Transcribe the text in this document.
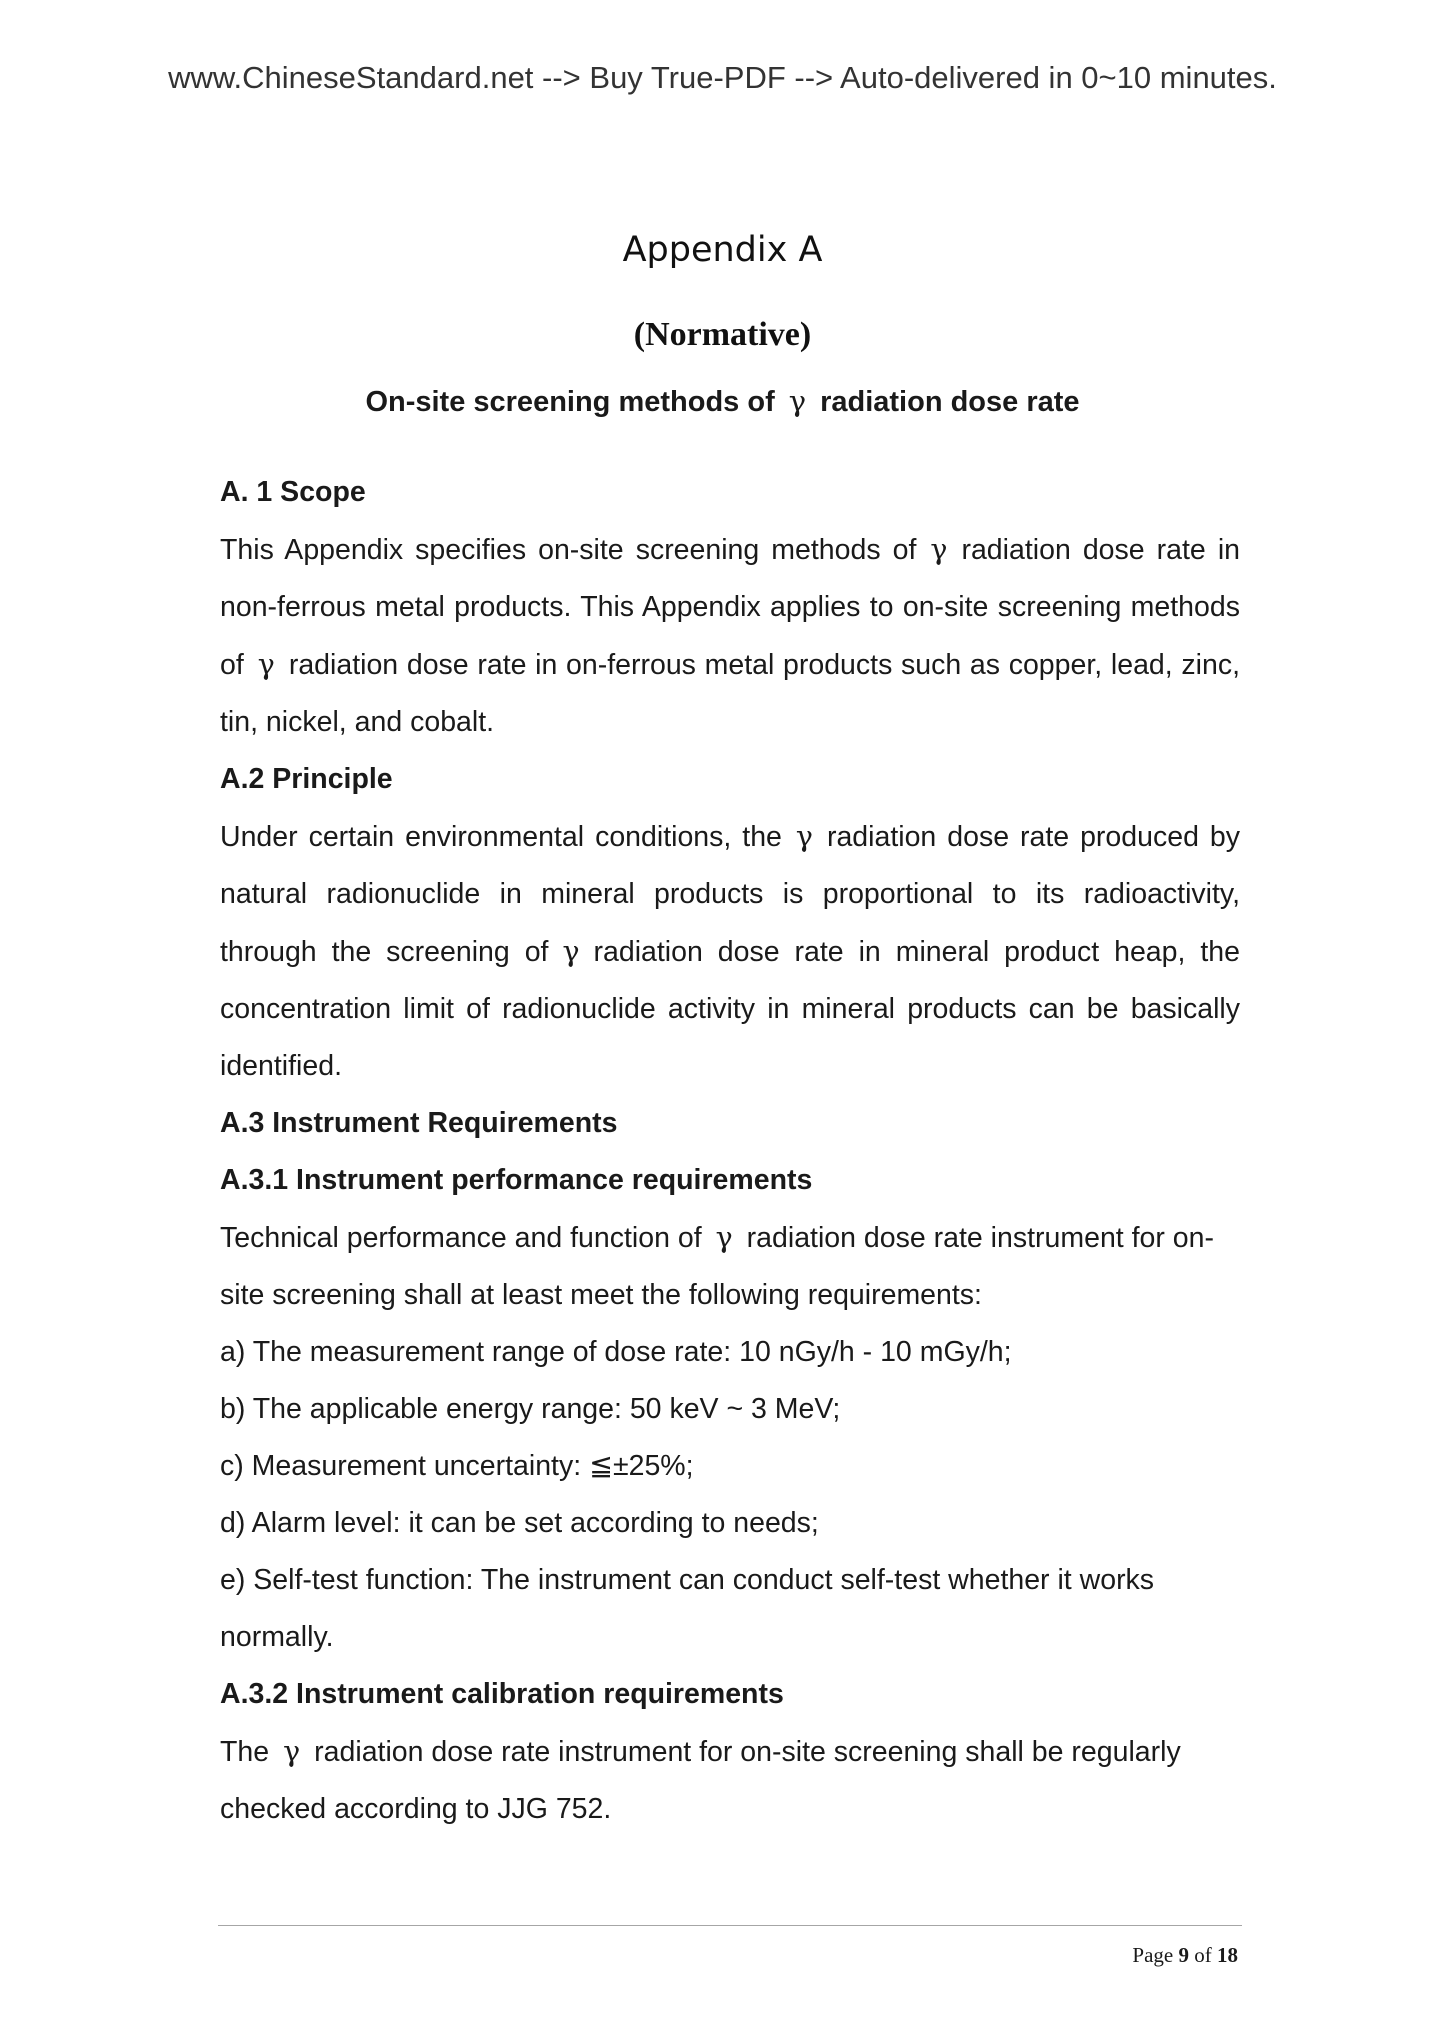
www.ChineseStandard.net --> Buy True-PDF --> Auto-delivered in 0~10 minutes.
Appendix A
(Normative)
On-site screening methods of γ radiation dose rate
A. 1 Scope

This Appendix specifies on-site screening methods of γ radiation dose rate in non-ferrous metal products. This Appendix applies to on-site screening methods of γ radiation dose rate in on-ferrous metal products such as copper, lead, zinc, tin, nickel, and cobalt.

A.2 Principle

Under certain environmental conditions, the γ radiation dose rate produced by natural radionuclide in mineral products is proportional to its radioactivity, through the screening of γ radiation dose rate in mineral product heap, the concentration limit of radionuclide activity in mineral products can be basically identified.

A.3 Instrument Requirements
A.3.1 Instrument performance requirements

Technical performance and function of γ radiation dose rate instrument for on-site screening shall at least meet the following requirements:

a) The measurement range of dose rate: 10 nGy/h - 10 mGy/h;

b) The applicable energy range: 50 keV ~ 3 MeV;

c) Measurement uncertainty: ≦±25%;

d) Alarm level: it can be set according to needs;

e) Self-test function: The instrument can conduct self-test whether it works normally.

A.3.2 Instrument calibration requirements

The γ radiation dose rate instrument for on-site screening shall be regularly checked according to JJG 752.

Page 9 of 18
